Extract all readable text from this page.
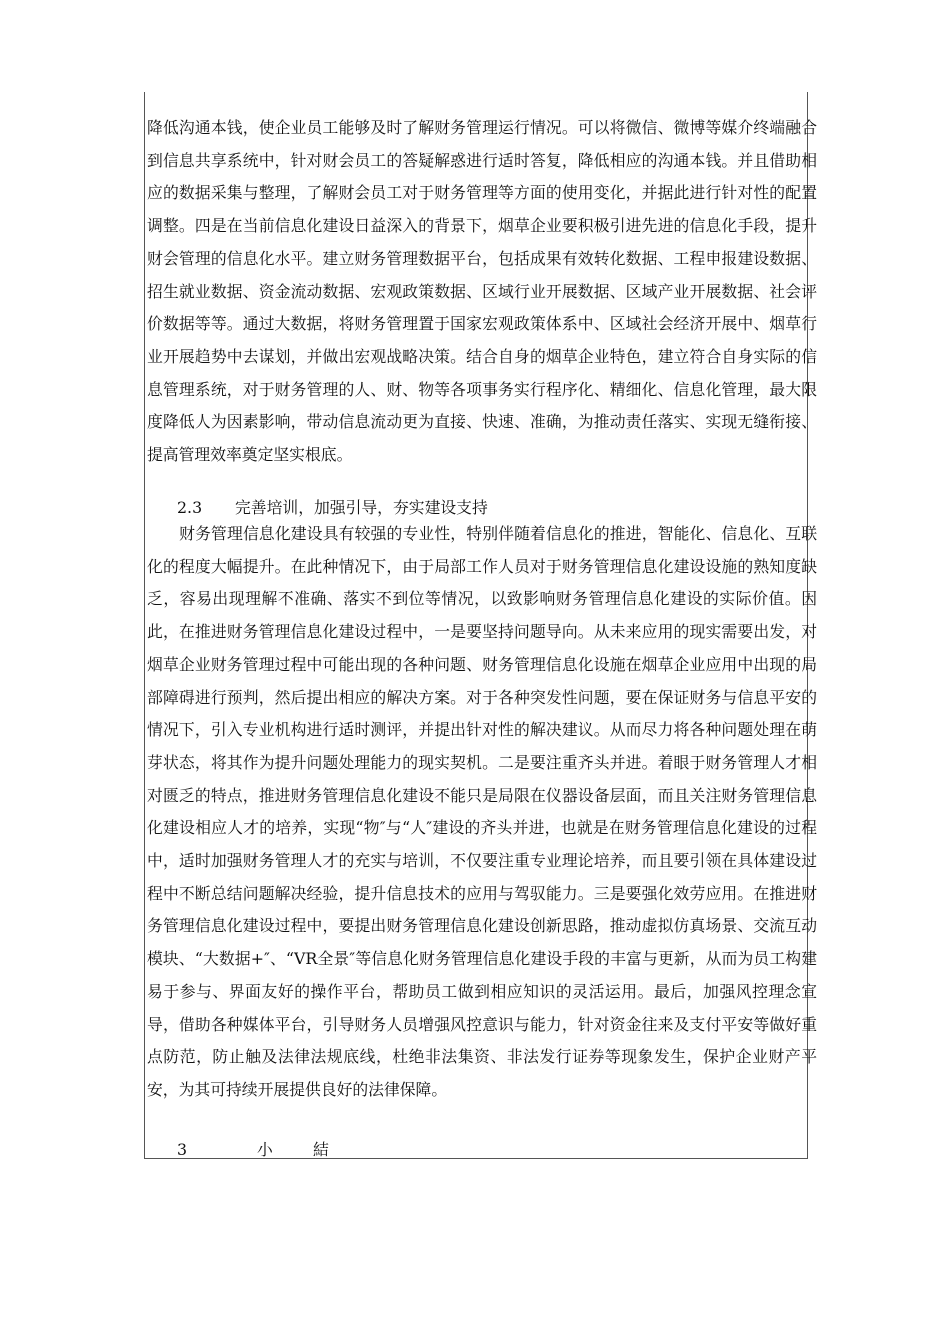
降低沟通本钱，使企业员工能够及时了解财务管理运行情况。可以将微信、微博等媒介终端融合到信息共享系统中，针对财会员工的答疑解惑进行适时答复，降低相应的沟通本钱。并且借助相应的数据采集与整理，了解财会员工对于财务管理等方面的使用变化，并据此进行针对性的配置调整。四是在当前信息化建设日益深入的背景下，烟草企业要积极引进先进的信息化手段，提升财会管理的信息化水平。建立财务管理数据平台，包括成果有效转化数据、工程申报建设数据、招生就业数据、资金流动数据、宏观政策数据、区域行业开展数据、区域产业开展数据、社会评价数据等等。通过大数据，将财务管理置于国家宏观政策体系中、区域社会经济开展中、烟草行业开展趋势中去谋划，并做出宏观战略决策。结合自身的烟草企业特色，建立符合自身实际的信息管理系统，对于财务管理的人、财、物等各项事务实行程序化、精细化、信息化管理，最大限度降低人为因素影响，带动信息流动更为直接、快速、准确，为推动责任落实、实现无缝衔接、提高管理效率奠定坚实根底。
2.3 完善培训，加强引导，夯实建设支持
财务管理信息化建设具有较强的专业性，特别伴随着信息化的推进，智能化、信息化、互联化的程度大幅提升。在此种情况下，由于局部工作人员对于财务管理信息化建设设施的熟知度缺乏，容易出现理解不准确、落实不到位等情况，以致影响财务管理信息化建设的实际价值。因此，在推进财务管理信息化建设过程中，一是要坚持问题导向。从未来应用的现实需要出发，对烟草企业财务管理过程中可能出现的各种问题、财务管理信息化设施在烟草企业应用中出现的局部障碍进行预判，然后提出相应的解决方案。对于各种突发性问题，要在保证财务与信息平安的情况下，引入专业机构进行适时测评，并提出针对性的解决建议。从而尽力将各种问题处理在萌芽状态，将其作为提升问题处理能力的现实契机。二是要注重齐头并进。着眼于财务管理人才相对匮乏的特点，推进财务管理信息化建设不能只是局限在仪器设备层面，而且关注财务管理信息化建设相应人才的培养，实现“物″与“人″建设的齐头并进，也就是在财务管理信息化建设的过程中，适时加强财务管理人才的充实与培训，不仅要注重专业理论培养，而且要引领在具体建设过程中不断总结问题解决经验，提升信息技术的应用与驾驭能力。三是要强化效劳应用。在推进财务管理信息化建设过程中，要提出财务管理信息化建设创新思路，推动虚拟仿真场景、交流互动模块、“大数据+″、“VR全景″等信息化财务管理信息化建设手段的丰富与更新，从而为员工构建易于参与、界面友好的操作平台，帮助员工做到相应知识的灵活运用。最后，加强风控理念宣导，借助各种媒体平台，引导财务人员增强风控意识与能力，针对资金往来及支付平安等做好重点防范，防止触及法律法规底线，杜绝非法集资、非法发行证券等现象发生，保护企业财产平安，为其可持续开展提供良好的法律保障。
3	小	結
